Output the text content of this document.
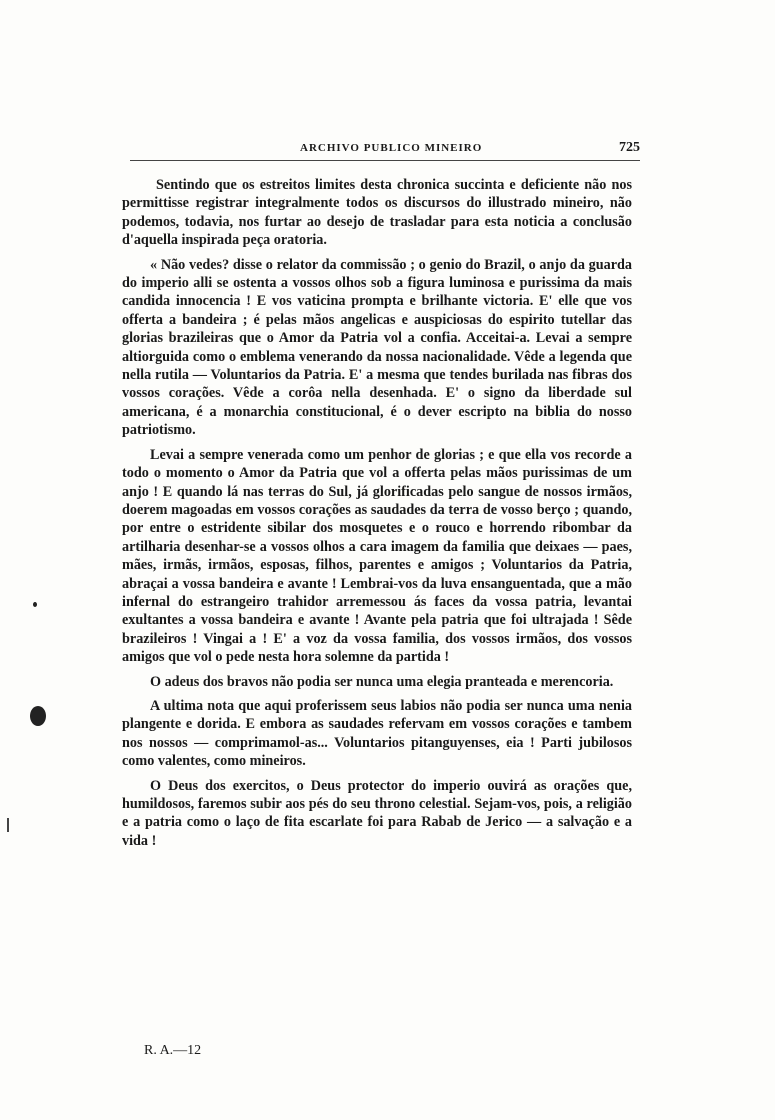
ARCHIVO PUBLICO MINEIRO	725

Sentindo que os estreitos limites desta chronica succinta e deficiente não nos permittisse registrar integralmente todos os discursos do illustrado mineiro, não podemos, todavia, nos furtar ao desejo de trasladar para esta noticia a conclusão d'aquella inspirada peça oratoria.

« Não vedes? disse o relator da commissão ; o genio do Brazil, o anjo da guarda do imperio alli se ostenta a vossos olhos sob a figura luminosa e purissima da mais candida innocencia ! E vos vaticina prompta e brilhante victoria. E' elle que vos offerta a bandeira ; é pelas mãos angelicas e auspiciosas do espirito tutellar das glorias brazileiras que o Amor da Patria vol a confia. Acceitai-a. Levai a sempre altiorguida como o emblema venerando da nossa nacionalidade. Vêde a legenda que nella rutila — Voluntarios da Patria. E' a mesma que tendes burilada nas fibras dos vossos corações. Vêde a corôa nella desenhada. E' o signo da liberdade sul americana, é a monarchia constitucional, é o dever escripto na biblia do nosso patriotismo.

Levai a sempre venerada como um penhor de glorias ; e que ella vos recorde a todo o momento o Amor da Patria que vol a offerta pelas mãos purissimas de um anjo ! E quando lá nas terras do Sul, já glorificadas pelo sangue de nossos irmãos, doerem magoadas em vossos corações as saudades da terra de vosso berço ; quando, por entre o estridente sibilar dos mosquetes e o rouco e horrendo ribombar da artilharia desenhar-se a vossos olhos a cara imagem da familia que deixaes — paes, mães, irmãs, irmãos, esposas, filhos, parentes e amigos ; Voluntarios da Patria, abraçai a vossa bandeira e avante ! Lembrai-vos da luva ensanguentada, que a mão infernal do estrangeiro trahidor arremessou ás faces da vossa patria, levantai exultantes a vossa bandeira e avante ! Avante pela patria que foi ultrajada ! Sêde brazileiros ! Vingai a ! E' a voz da vossa familia, dos vossos irmãos, dos vossos amigos que vol o pede nesta hora solemne da partida !

O adeus dos bravos não podia ser nunca uma elegia pranteada e merencoria.

A ultima nota que aqui proferissem seus labios não podia ser nunca uma nenia plangente e dorida. E embora as saudades refervam em vossos corações e tambem nos nossos — comprimamol-as... Voluntarios pitanguyenses, eia ! Parti jubilosos como valentes, como mineiros.

O Deus dos exercitos, o Deus protector do imperio ouvirá as orações que, humildosos, faremos subir aos pés do seu throno celestial. Sejam-vos, pois, a religião e a patria como o laço de fita escarlate foi para Rabab de Jerico — a salvação e a vida !

R. A.—12
